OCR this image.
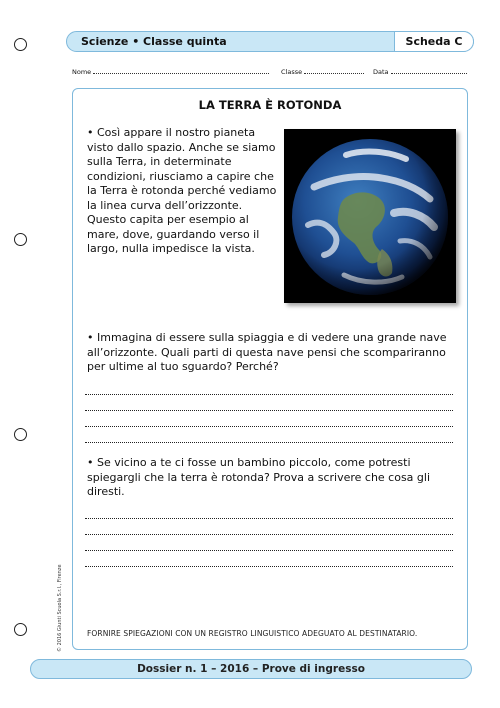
Scienze • Classe quinta	Scheda C
Nome	Classe	Data
LA TERRA È ROTONDA
• Così appare il nostro pianeta visto dallo spazio. Anche se siamo sulla Terra, in determinate condizioni, riusciamo a capire che la Terra è rotonda perché vediamo la linea curva dell’orizzonte. Questo capita per esempio al mare, dove, guardando verso il largo, nulla impedisce la vista.
• Immagina di essere sulla spiaggia e di vedere una grande nave all’orizzonte. Quali parti di questa nave pensi che scompariranno per ultime al tuo sguardo? Perché?
• Se vicino a te ci fosse un bambino piccolo, come potresti spiegargli che la terra è rotonda? Prova a scrivere che cosa gli diresti.
FORNIRE SPIEGAZIONI CON UN REGISTRO LINGUISTICO ADEGUATO AL DESTINATARIO.
© 2016 Giunti Scuola S.r.l., Firenze
Dossier n. 1 – 2016 – Prove di ingresso
